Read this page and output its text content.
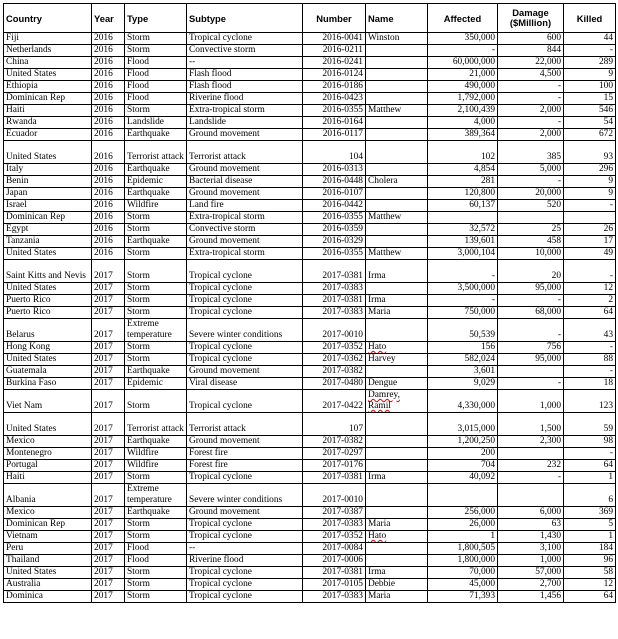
Country	Year	Type	Subtype	Number	Name	Affected	Damage ($Million)	Killed

Fiji	2016	Storm	Tropical cyclone	2016-0041	Winston	350,000	600	44

Netherlands	2016	Storm	Convective storm	2016-0211		-	844	-

China	2016	Flood	--	2016-0241		60,000,000	22,000	289

United States	2016	Flood	Flash flood	2016-0124		21,000	4,500	9

Ethiopia	2016	Flood	Flash flood	2016-0186		490,000	-	100

Dominican Rep	2016	Flood	Riverine flood	2016-0423		1,792,000	-	15

Haiti	2016	Storm	Extra-tropical storm	2016-0355	Matthew	2,100,439	2,000	546

Rwanda	2016	Landslide	Landslide	2016-0164		4,000	-	54

Ecuador	2016	Earthquake	Ground movement	2016-0117		389,364	2,000	672

United States	2016	Terrorist attack	Terrorist attack	104		102	385	93

Italy	2016	Earthquake	Ground movement	2016-0313		4,854	5,000	296

Benin	2016	Epidemic	Bacterial disease	2016-0448	Cholera	281	-	9

Japan	2016	Earthquake	Ground movement	2016-0107		120,800	20,000	9

Israel	2016	Wildfire	Land fire	2016-0442		60,137	520	-

Dominican Rep	2016	Storm	Extra-tropical storm	2016-0355	Matthew			

Egypt	2016	Storm	Convective storm	2016-0359		32,572	25	26

Tanzania	2016	Earthquake	Ground movement	2016-0329		139,601	458	17

United States	2016	Storm	Extra-tropical storm	2016-0355	Matthew	3,000,104	10,000	49

Saint Kitts and Nevis	2017	Storm	Tropical cyclone	2017-0381	Irma	-	20	-

United States	2017	Storm	Tropical cyclone	2017-0383		3,500,000	95,000	12

Puerto Rico	2017	Storm	Tropical cyclone	2017-0381	Irma	-	-	2

Puerto Rico	2017	Storm	Tropical cyclone	2017-0383	Maria	750,000	68,000	64

Belarus	2017	Extreme temperature	Severe winter conditions	2017-0010		50,539	-	43

Hong Kong	2017	Storm	Tropical cyclone	2017-0352	Hato	156	756	-

United States	2017	Storm	Tropical cyclone	2017-0362	Harvey	582,024	95,000	88

Guatemala	2017	Earthquake	Ground movement	2017-0382		3,601		-

Burkina Faso	2017	Epidemic	Viral disease	2017-0480	Dengue	9,029	-	18

Viet Nam	2017	Storm	Tropical cyclone	2017-0422	Damrey, Ramil	4,330,000	1,000	123

United States	2017	Terrorist attack	Terrorist attack	107		3,015,000	1,500	59

Mexico	2017	Earthquake	Ground movement	2017-0382		1,200,250	2,300	98

Montenegro	2017	Wildfire	Forest fire	2017-0297		200		-

Portugal	2017	Wildfire	Forest fire	2017-0176		704	232	64

Haiti	2017	Storm	Tropical cyclone	2017-0381	Irma	40,092	-	1

Albania	2017	Extreme temperature	Severe winter conditions	2017-0010				6

Mexico	2017	Earthquake	Ground movement	2017-0387		256,000	6,000	369

Dominican Rep	2017	Storm	Tropical cyclone	2017-0383	Maria	26,000	63	5

Vietnam	2017	Storm	Tropical cyclone	2017-0352	Hato	1	1,430	1

Peru	2017	Flood	--	2017-0084		1,800,505	3,100	184

Thailand	2017	Flood	Riverine flood	2017-0006		1,800,000	1,000	96

United States	2017	Storm	Tropical cyclone	2017-0381	Irma	70,000	57,000	58

Australia	2017	Storm	Tropical cyclone	2017-0105	Debbie	45,000	2,700	12

Dominica	2017	Storm	Tropical cyclone	2017-0383	Maria	71,393	1,456	64
